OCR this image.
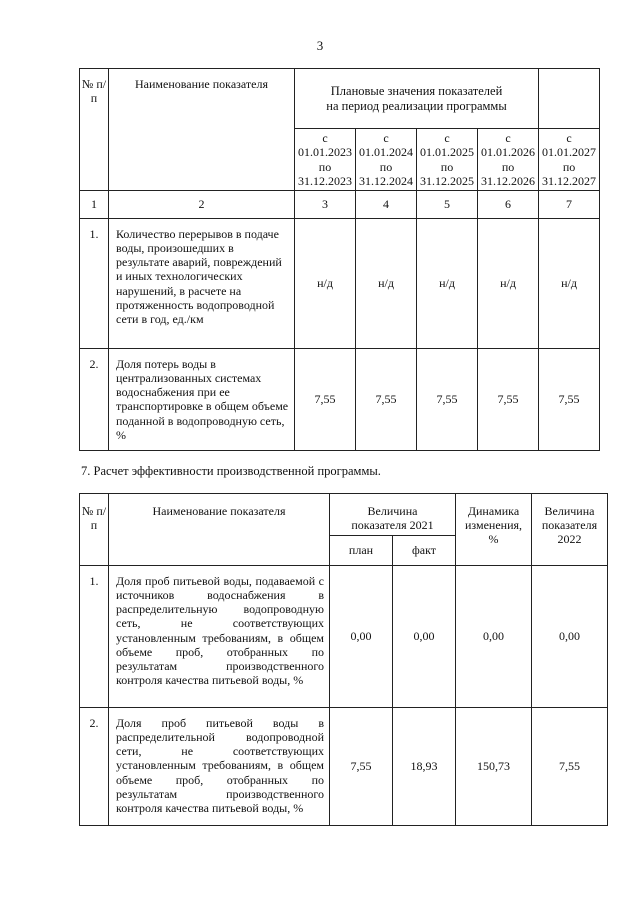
3
№ п/п	Наименование показателя	Плановые значения показателей на период реализации программы				
		с
01.01.2023
по
31.12.2023	с
01.01.2024
по
31.12.2024	с
01.01.2025
по
31.12.2025	с
01.01.2026
по
31.12.2026	с
01.01.2027
по
31.12.2027
1	2	3	4	5	6	7
1.	Количество перерывов в подаче воды, произошедших в результате аварий, повреждений и иных технологических нарушений, в расчете на протяженность водопроводной сети в год, ед./км	н/д	н/д	н/д	н/д	н/д
2.	Доля потерь воды в централизованных системах водоснабжения при ее транспортировке в общем объеме поданной в водопроводную сеть, %	7,55	7,55	7,55	7,55	7,55
7. Расчет эффективности производственной программы.
№ п/п	Наименование показателя	Величина показателя 2021		Динамика изменения, %	Величина показателя 2022
		план	факт		
1.	Доля проб питьевой воды, подаваемой с источников водоснабжения в распределительную водопроводную сеть, не соответствующих установленным требованиям, в общем объеме проб, отобранных по результатам производственного контроля качества питьевой воды, %	0,00	0,00	0,00	0,00
2.	Доля проб питьевой воды в распределительной водопроводной сети, не соответствующих установленным требованиям, в общем объеме проб, отобранных по результатам производственного контроля качества питьевой воды, %	7,55	18,93	150,73	7,55
